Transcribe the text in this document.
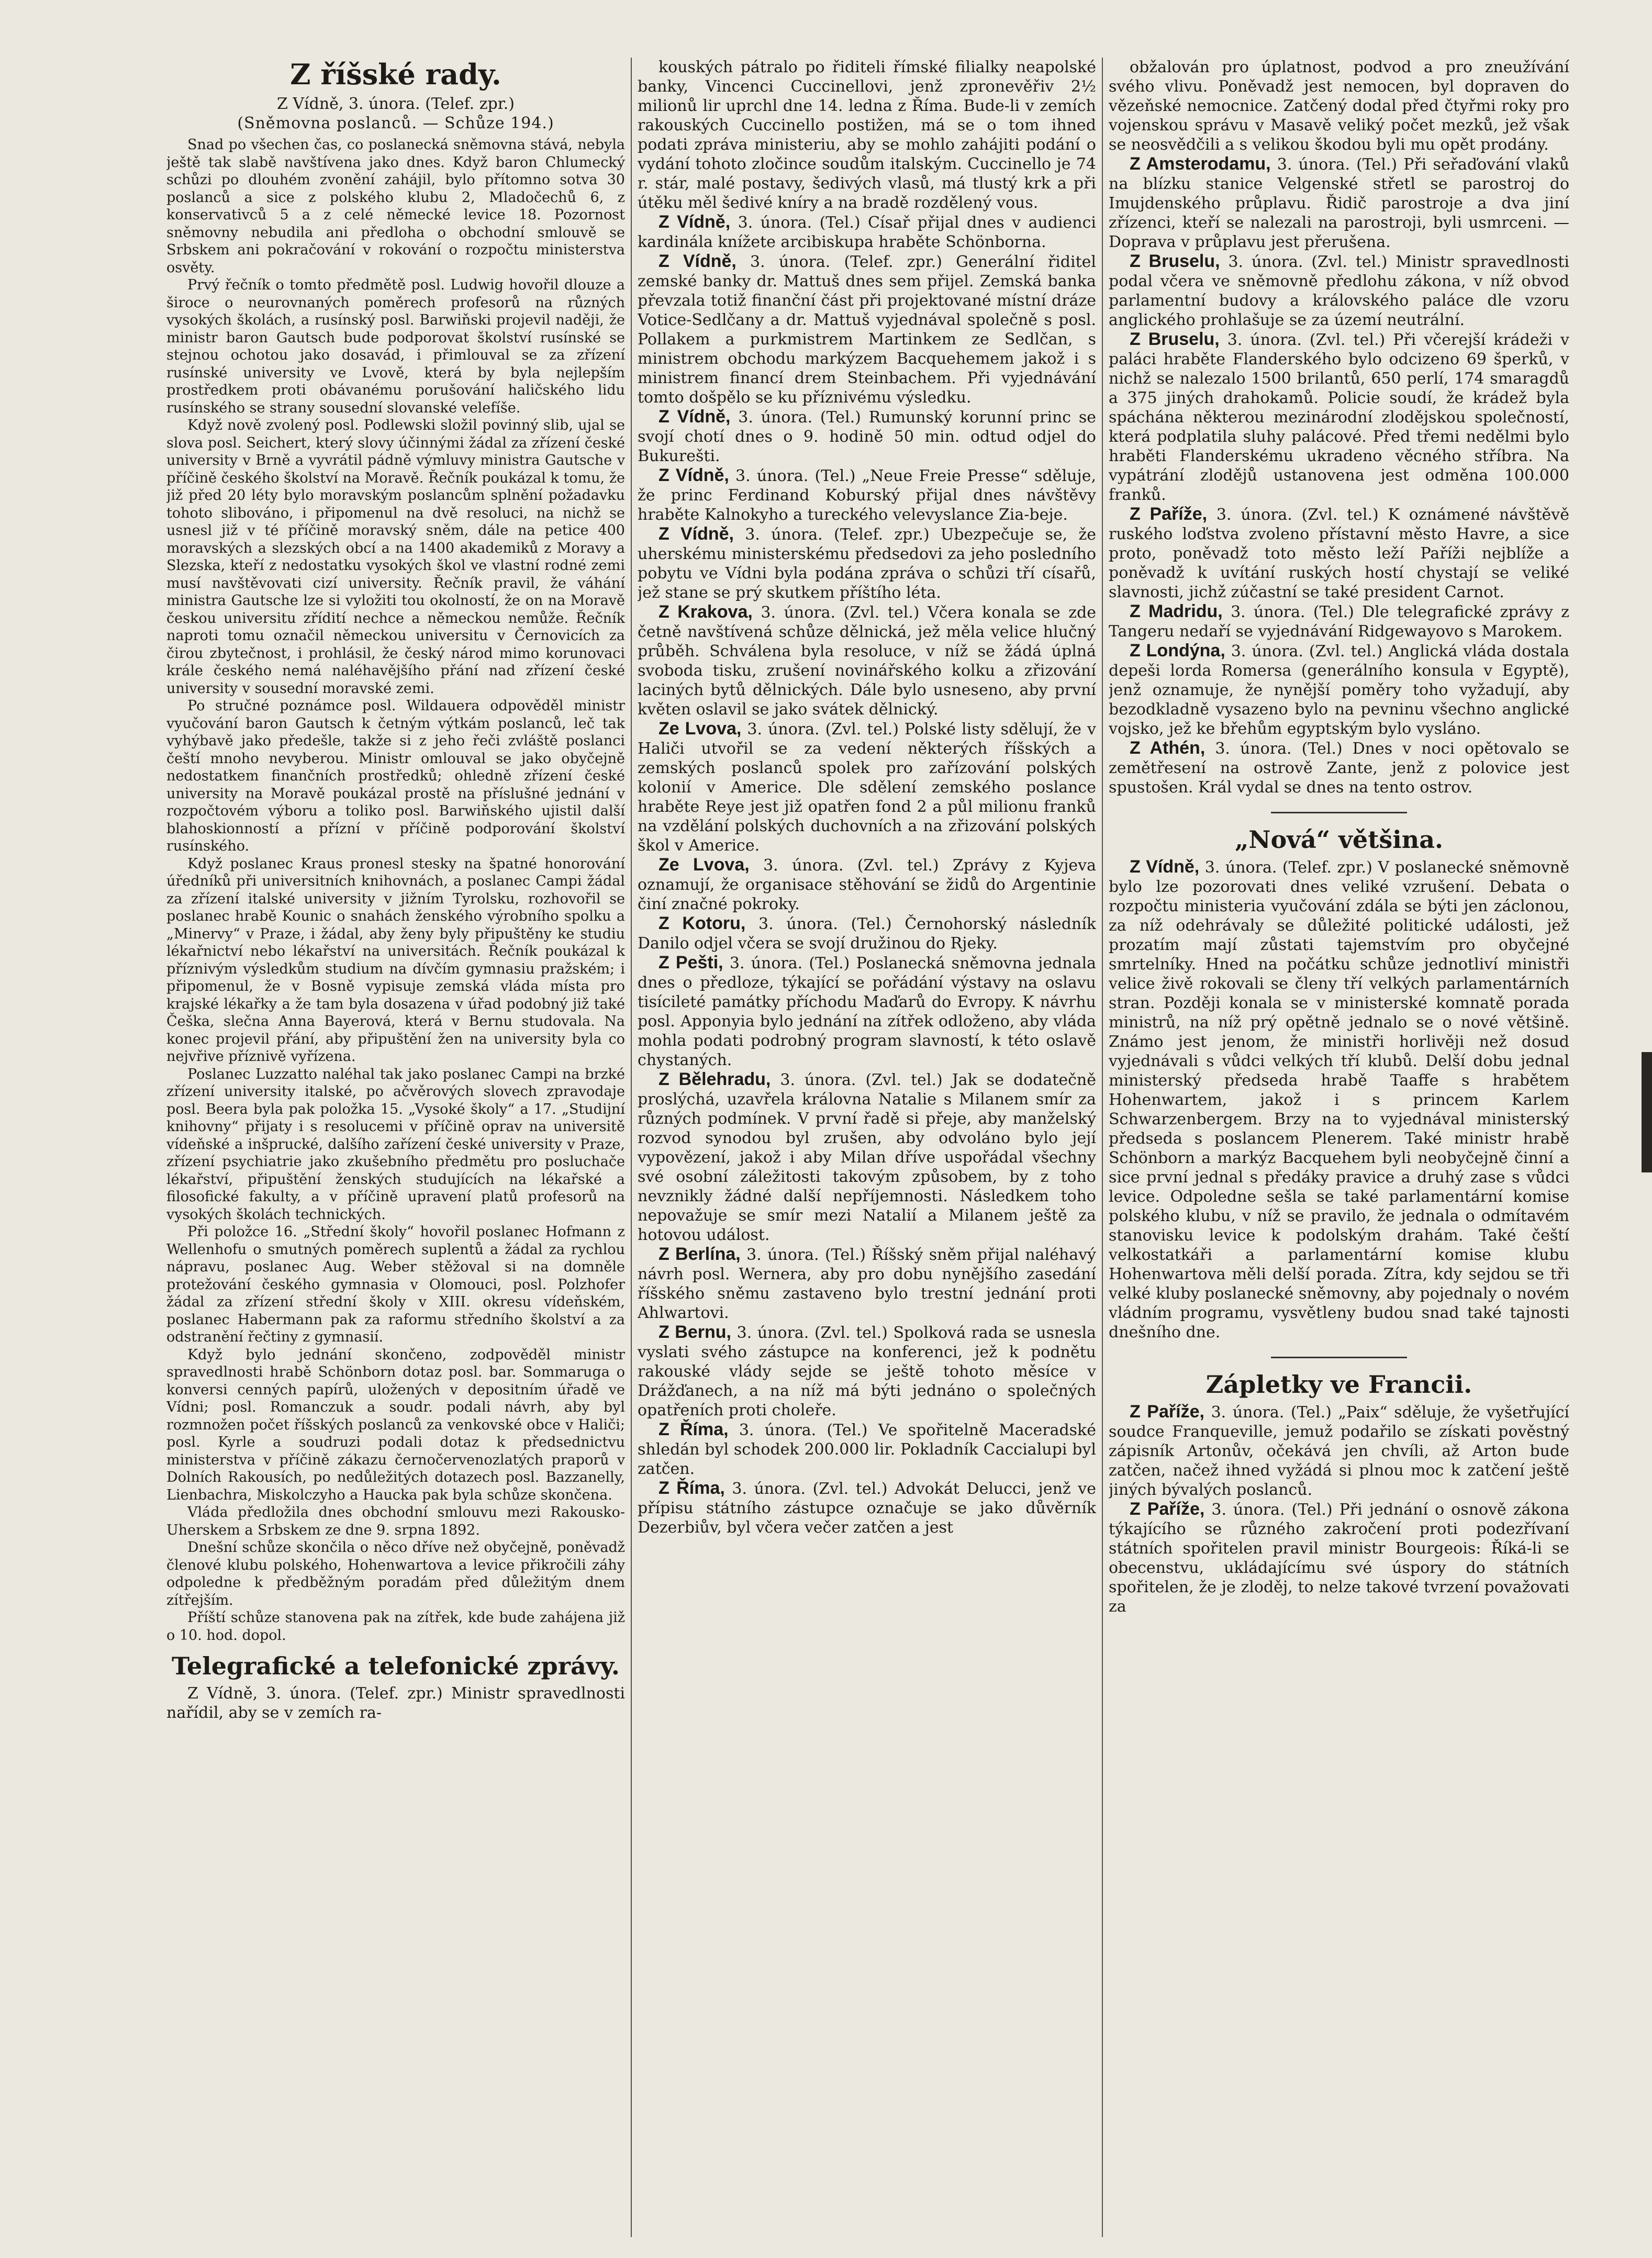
Z říšské rady.
Z Vídně, 3. února. (Telef. zpr.)
(Sněmovna poslanců. — Schůze 194.)

Snad po všechen čas, co poslanecká sněmovna stává, nebyla ještě tak slabě navštívena jako dnes. Když baron Chlumecký schůzi po dlouhém zvonění zahájil, bylo přítomno sotva 30 poslanců a sice z polského klubu 2, Mladočechů 6, z konservativců 5 a z celé německé levice 18. Pozornost sněmovny nebudila ani předloha o obchodní smlouvě se Srbskem ani pokračování v rokování o rozpočtu ministerstva osvěty.

Prvý řečník o tomto předmětě posl. Ludwig hovořil dlouze a široce o neurovnaných poměrech profesorů na různých vysokých školách, a rusínský posl. Barwiňski projevil naději, že ministr baron Gautsch bude podporovat školství rusínské se stejnou ochotou jako dosavád, i přimlouval se za zřízení rusínské university ve Lvově, která by byla nejlepším prostředkem proti obávanému porušování haličského lidu rusínského se strany sousední slovanské velefíše.

Když nově zvolený posl. Podlewski složil povinný slib, ujal se slova posl. Seichert, který slovy účinnými žádal za zřízení české university v Brně a vyvrátil pádně výmluvy ministra Gautsche v příčině českého školství na Moravě. Řečník poukázal k tomu, že již před 20 léty bylo moravským poslancům splnění požadavku tohoto slibováno, i připomenul na dvě resoluci, na nichž se usnesl již v té příčině moravský sněm, dále na petice 400 moravských a slezských obcí a na 1400 akademiků z Moravy a Slezska, kteří z nedostatku vysokých škol ve vlastní rodné zemi musí navštěvovati cizí university. Řečník pravil, že váhání ministra Gautsche lze si vyložiti tou okolností, že on na Moravě českou universitu zřídití nechce a německou nemůže. Řečník naproti tomu označil německou universitu v Černovicích za čirou zbytečnost, i prohlásil, že český národ mimo korunovaci krále českého nemá naléhavějšího přání nad zřízení české university v sousední moravské zemi.

Po stručné poznámce posl. Wildauera odpověděl ministr vyučování baron Gautsch k četným výtkám poslanců, leč tak vyhýbavě jako předešle, takže si z jeho řeči zvláště poslanci čeští mnoho nevyberou. Ministr omlouval se jako obyčejně nedostatkem finančních prostředků; ohledně zřízení české university na Moravě poukázal prostě na příslušné jednání v rozpočtovém výboru a toliko posl. Barwiňského ujistil další blahoskionností a přízní v příčině podporování školství rusínského.

Když poslanec Kraus pronesl stesky na špatné honorování úředníků při universitních knihovnách, a poslanec Campi žádal za zřízení italské university v jižním Tyrolsku, rozhovořil se poslanec hrabě Kounic o snahách ženského výrobního spolku a „Minervy“ v Praze, i žádal, aby ženy byly připuštěny ke studiu lékařnictví nebo lékařství na universitách. Řečník poukázal k příznivým výsledkům studium na dívčím gymnasiu pražském; i připomenul, že v Bosně vypisuje zemská vláda místa pro krajské lékařky a že tam byla dosazena v úřad podobný již také Češka, slečna Anna Bayerová, která v Bernu studovala. Na konec projevil přání, aby připuštění žen na university byla co nejvřive příznivě vyřízena.

Poslanec Luzzatto naléhal tak jako poslanec Campi na brzké zřízení university italské, po ačvěrových slovech zpravodaje posl. Beera byla pak položka 15. „Vysoké školy“ a 17. „Studijní knihovny“ přijaty i s resolucemi v příčině oprav na universitě vídeňské a inšprucké, dalšího zařízení české university v Praze, zřízení psychiatrie jako zkušebního předmětu pro posluchače lékařství, připuštění ženských studujících na lékařské a filosofické fakulty, a v příčině upravení platů profesorů na vysokých školách technických.

Při položce 16. „Střední školy“ hovořil poslanec Hofmann z Wellenhofu o smutných poměrech suplentů a žádal za rychlou nápravu, poslanec Aug. Weber stěžoval si na domněle protežování českého gymnasia v Olomouci, posl. Polzhofer žádal za zřízení střední školy v XIII. okresu vídeňském, poslanec Habermann pak za raformu středního školství a za odstranění řečtiny z gymnasií.

Když bylo jednání skončeno, zodpověděl ministr spravedlnosti hrabě Schönborn dotaz posl. bar. Sommaruga o konversi cenných papírů, uložených v depositním úřadě ve Vídni; posl. Romanczuk a soudr. podali návrh, aby byl rozmnožen počet říšských poslanců za venkovské obce v Haliči; posl. Kyrle a soudruzi podali dotaz k předsednictvu ministerstva v příčině zákazu černočervenozlatých praporů v Dolních Rakousích, po nedůležitých dotazech posl. Bazzanelly, Lienbachra, Miskolczyho a Haucka pak byla schůze skončena.

Vláda předložila dnes obchodní smlouvu mezi Rakousko-Uherskem a Srbskem ze dne 9. srpna 1892.

Dnešní schůze skončila o něco dříve než obyčejně, poněvadž členové klubu polského, Hohenwartova a levice přikročili záhy odpoledne k předběžným poradám před důležitým dnem zítřejším.

Příští schůze stanovena pak na zítřek, kde bude zahájena již o 10. hod. dopol.

Telegrafické a telefonické zprávy.

Z Vídně, 3. února. (Telef. zpr.) Ministr spravedlnosti nařídil, aby se v zemích ra-

kouských pátralo po řiditeli římské filialky neapolské banky, Vincenci Cuccinellovi, jenž zpronevěřiv 2½ milionů lir uprchl dne 14. ledna z Říma. Bude-li v zemích rakouských Cuccinello postižen, má se o tom ihned podati zpráva ministeriu, aby se mohlo zahájiti podání o vydání tohoto zločince soudům italským. Cuccinello je 74 r. stár, malé postavy, šedivých vlasů, má tlustý krk a při útěku měl šedivé kníry a na bradě rozdělený vous.

Z Vídně, 3. února. (Tel.) Císař přijal dnes v audienci kardinála knížete arcibiskupa hraběte Schönborna.

Z Vídně, 3. února. (Telef. zpr.) Generální řiditel zemské banky dr. Mattuš dnes sem přijel. Zemská banka převzala totiž finanční část při projektované místní dráze Votice-Sedlčany a dr. Mattuš vyjednával společně s posl. Pollakem a purkmistrem Martinkem ze Sedlčan, s ministrem obchodu markýzem Bacquehemem jakož i s ministrem financí drem Steinbachem. Při vyjednávání tomto došpělo se ku příznivému výsledku.

Z Vídně, 3. února. (Tel.) Rumunský korunní princ se svojí chotí dnes o 9. hodině 50 min. odtud odjel do Bukurešti.

Z Vídně, 3. února. (Tel.) „Neue Freie Presse“ sděluje, že princ Ferdinand Koburský přijal dnes návštěvy hraběte Kalnokyho a tureckého velevyslance Zia-beje.

Z Vídně, 3. února. (Telef. zpr.) Ubezpečuje se, že uherskému ministerskému předsedovi za jeho posledního pobytu ve Vídni byla podána zpráva o schůzi tří císařů, jež stane se prý skutkem příštího léta.

Z Krakova, 3. února. (Zvl. tel.) Včera konala se zde četně navštívená schůze dělnická, jež měla velice hlučný průběh. Schválena byla resoluce, v níž se žádá úplná svoboda tisku, zrušení novinářského kolku a zřizování laciných bytů dělnických. Dále bylo usneseno, aby první květen oslavil se jako svátek dělnický.

Ze Lvova, 3. února. (Zvl. tel.) Polské listy sdělují, že v Haliči utvořil se za vedení některých říšských a zemských poslanců spolek pro zařízování polských kolonií v Americe. Dle sdělení zemského poslance hraběte Reye jest již opatřen fond 2 a půl milionu franků na vzdělání polských duchovních a na zřizování polských škol v Americe.

Ze Lvova, 3. února. (Zvl. tel.) Zprávy z Kyjeva oznamují, že organisace stěhování se židů do Argentinie činí značné pokroky.

Z Kotoru, 3. února. (Tel.) Černohorský následník Danilo odjel včera se svojí družinou do Rjeky.

Z Pešti, 3. února. (Tel.) Poslanecká sněmovna jednala dnes o předloze, týkající se pořádání výstavy na oslavu tisícileté památky příchodu Maďarů do Evropy. K návrhu posl. Apponyia bylo jednání na zítřek odloženo, aby vláda mohla podati podrobný program slavností, k této oslavě chystaných.

Z Bělehradu, 3. února. (Zvl. tel.) Jak se dodatečně proslýchá, uzavřela královna Natalie s Milanem smír za různých podmínek. V první řadě si přeje, aby manželský rozvod synodou byl zrušen, aby odvoláno bylo její vypovězení, jakož i aby Milan dříve uspořádal všechny své osobní záležitosti takovým způsobem, by z toho nevznikly žádné další nepříjemnosti. Následkem toho nepovažuje se smír mezi Natalií a Milanem ještě za hotovou událost.

Z Berlína, 3. února. (Tel.) Říšský sněm přijal naléhavý návrh posl. Wernera, aby pro dobu nynějšího zasedání říšského sněmu zastaveno bylo trestní jednání proti Ahlwartovi.

Z Bernu, 3. února. (Zvl. tel.) Spolková rada se usnesla vyslati svého zástupce na konferenci, jež k podnětu rakouské vlády sejde se ještě tohoto měsíce v Drážďanech, a na níž má býti jednáno o společných opatřeních proti choleře.

Z Říma, 3. února. (Tel.) Ve spořitelně Maceradské shledán byl schodek 200.000 lir. Pokladník Caccialupi byl zatčen.

Z Říma, 3. února. (Zvl. tel.) Advokát Delucci, jenž ve přípisu státního zástupce označuje se jako důvěrník Dezerbiův, byl včera večer zatčen a jest

obžalován pro úplatnost, podvod a pro zneužívání svého vlivu. Poněvadž jest nemocen, byl dopraven do vězeňské nemocnice. Zatčený dodal před čtyřmi roky pro vojenskou správu v Masavě veliký počet mezků, jež však se neosvědčili a s velikou škodou byli mu opět prodány.

Z Amsterodamu, 3. února. (Tel.) Při seřaďování vlaků na blízku stanice Velgenské střetl se parostroj do Imujdenského průplavu. Řidič parostroje a dva jiní zřízenci, kteří se nalezali na parostroji, byli usmrceni. — Doprava v průplavu jest přerušena.

Z Bruselu, 3. února. (Zvl. tel.) Ministr spravedlnosti podal včera ve sněmovně předlohu zákona, v níž obvod parlamentní budovy a královského paláce dle vzoru anglického prohlašuje se za území neutrální.

Z Bruselu, 3. února. (Zvl. tel.) Při včerejší krádeži v paláci hraběte Flanderského bylo odcizeno 69 šperků, v nichž se nalezalo 1500 brilantů, 650 perlí, 174 smaragdů a 375 jiných drahokamů. Policie soudí, že krádež byla spáchána některou mezinárodní zlodějskou společností, která podplatila sluhy palácové. Před třemi nedělmi bylo hraběti Flanderskému ukradeno věcného stříbra. Na vypátrání zlodějů ustanovena jest odměna 100.000 franků.

Z Paříže, 3. února. (Zvl. tel.) K oznámené návštěvě ruského loďstva zvoleno přístavní město Havre, a sice proto, poněvadž toto město leží Paříži nejblíže a poněvadž k uvítání ruských hostí chystají se veliké slavnosti, jichž zúčastní se také president Carnot.

Z Madridu, 3. února. (Tel.) Dle telegrafické zprávy z Tangeru nedaří se vyjednávání Ridgewayovo s Marokem.

Z Londýna, 3. února. (Zvl. tel.) Anglická vláda dostala depeši lorda Romersa (generálního konsula v Egyptě), jenž oznamuje, že nynější poměry toho vyžadují, aby bezodkladně vysazeno bylo na pevninu všechno anglické vojsko, jež ke břehům egyptským bylo vysláno.

Z Athén, 3. února. (Tel.) Dnes v noci opětovalo se zemětřesení na ostrově Zante, jenž z polovice jest spustošen. Král vydal se dnes na tento ostrov.

„Nová“ většina.

Z Vídně, 3. února. (Telef. zpr.) V poslanecké sněmovně bylo lze pozorovati dnes veliké vzrušení. Debata o rozpočtu ministeria vyučování zdála se býti jen záclonou, za níž odehrávaly se důležité politické události, jež prozatím mají zůstati tajemstvím pro obyčejné smrtelníky. Hned na počátku schůze jednotliví ministři velice živě rokovali se členy tří velkých parlamentárních stran. Později konala se v ministerské komnatě porada ministrů, na níž prý opětně jednalo se o nové většině. Známo jest jenom, že ministři horlivěji než dosud vyjednávali s vůdci velkých tří klubů. Delší dobu jednal ministerský předseda hrabě Taaffe s hrabětem Hohenwartem, jakož i s princem Karlem Schwarzenbergem. Brzy na to vyjednával ministerský předseda s poslancem Plenerem. Také ministr hrabě Schönborn a markýz Bacquehem byli neobyčejně činní a sice první jednal s předáky pravice a druhý zase s vůdci levice. Odpoledne sešla se také parlamentární komise polského klubu, v níž se pravilo, že jednala o odmítavém stanovisku levice k podolským drahám. Také čeští velkostatkáři a parlamentární komise klubu Hohenwartova měli delší porada. Zítra, kdy sejdou se tři velké kluby poslanecké sněmovny, aby pojednaly o novém vládním programu, vysvětleny budou snad také tajnosti dnešního dne.

Zápletky ve Francii.

Z Paříže, 3. února. (Tel.) „Paix“ sděluje, že vyšetřující soudce Franqueville, jemuž podařilo se získati pověstný zápisník Artonův, očekává jen chvíli, až Arton bude zatčen, načež ihned vyžádá si plnou moc k zatčení ještě jiných bývalých poslanců.

Z Paříže, 3. února. (Tel.) Při jednání o osnově zákona týkajícího se různého zakročení proti podezřívaní státních spořitelen pravil ministr Bourgeois: Říká-li se obecenstvu, ukládajícímu své úspory do státních spořitelen, že je zloděj, to nelze takové tvrzení považovati za
